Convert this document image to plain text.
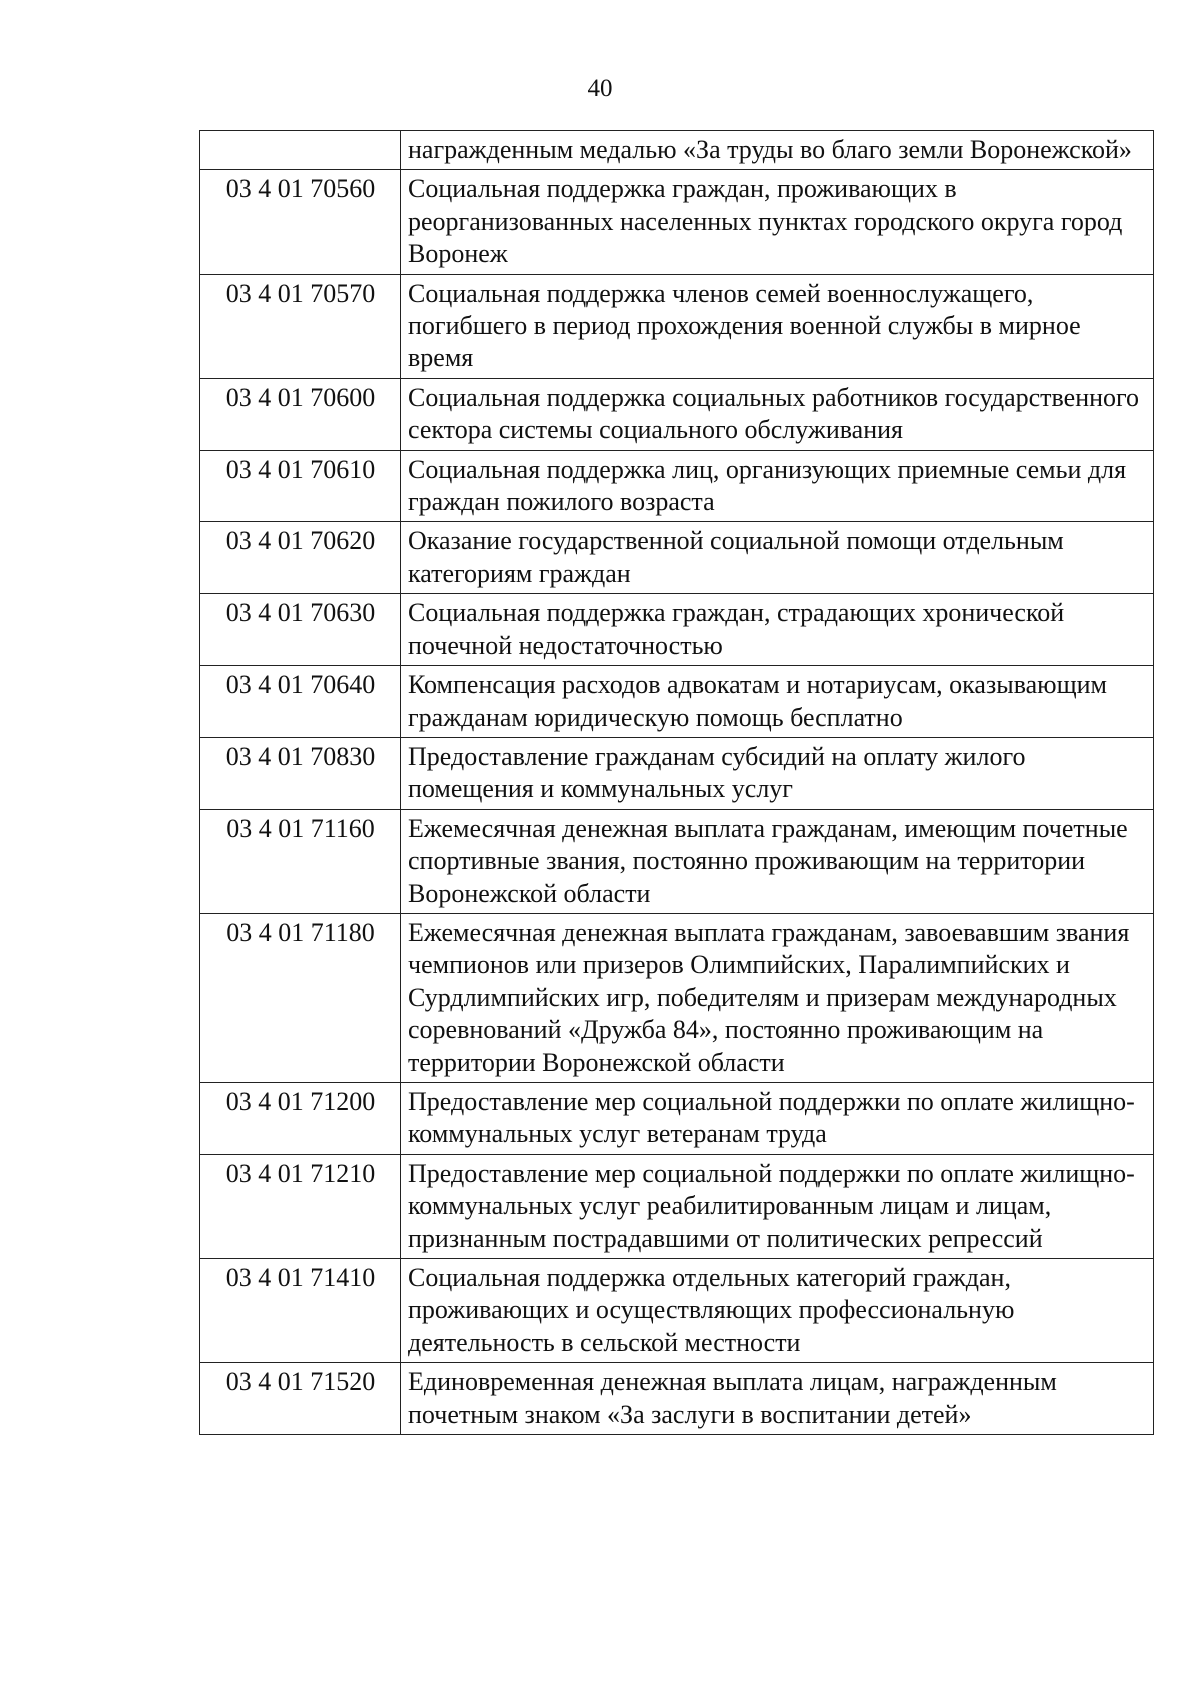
40
	награжденным медалью «За труды во благо земли Воронежской»
03 4 01 70560	Социальная поддержка граждан, проживающих в реорганизованных населенных пунктах городского округа город Воронеж
03 4 01 70570	Социальная поддержка членов семей военнослужащего, погибшего в период прохождения военной службы в мирное время
03 4 01 70600	Социальная поддержка социальных работников государственного сектора системы социального обслуживания
03 4 01 70610	Социальная поддержка лиц, организующих приемные семьи для граждан пожилого возраста
03 4 01 70620	Оказание государственной социальной помощи отдельным категориям граждан
03 4 01 70630	Социальная поддержка граждан, страдающих хронической почечной недостаточностью
03 4 01 70640	Компенсация расходов адвокатам и нотариусам, оказывающим гражданам юридическую помощь бесплатно
03 4 01 70830	Предоставление гражданам субсидий на оплату жилого помещения и коммунальных услуг
03 4 01 71160	Ежемесячная денежная выплата гражданам, имеющим почетные спортивные звания, постоянно проживающим на территории Воронежской области
03 4 01 71180	Ежемесячная денежная выплата гражданам, завоевавшим звания чемпионов или призеров Олимпийских, Паралимпийских и Сурдлимпийских игр, победителям и призерам международных соревнований «Дружба 84», постоянно проживающим на территории Воронежской области
03 4 01 71200	Предоставление мер социальной поддержки по оплате жилищно-коммунальных услуг ветеранам труда
03 4 01 71210	Предоставление мер социальной поддержки по оплате жилищно-коммунальных услуг реабилитированным лицам и лицам, признанным пострадавшими от политических репрессий
03 4 01 71410	Социальная поддержка отдельных категорий граждан, проживающих и осуществляющих профессиональную деятельность в сельской местности
03 4 01 71520	Единовременная денежная выплата лицам, награжденным почетным знаком «За заслуги в воспитании детей»
